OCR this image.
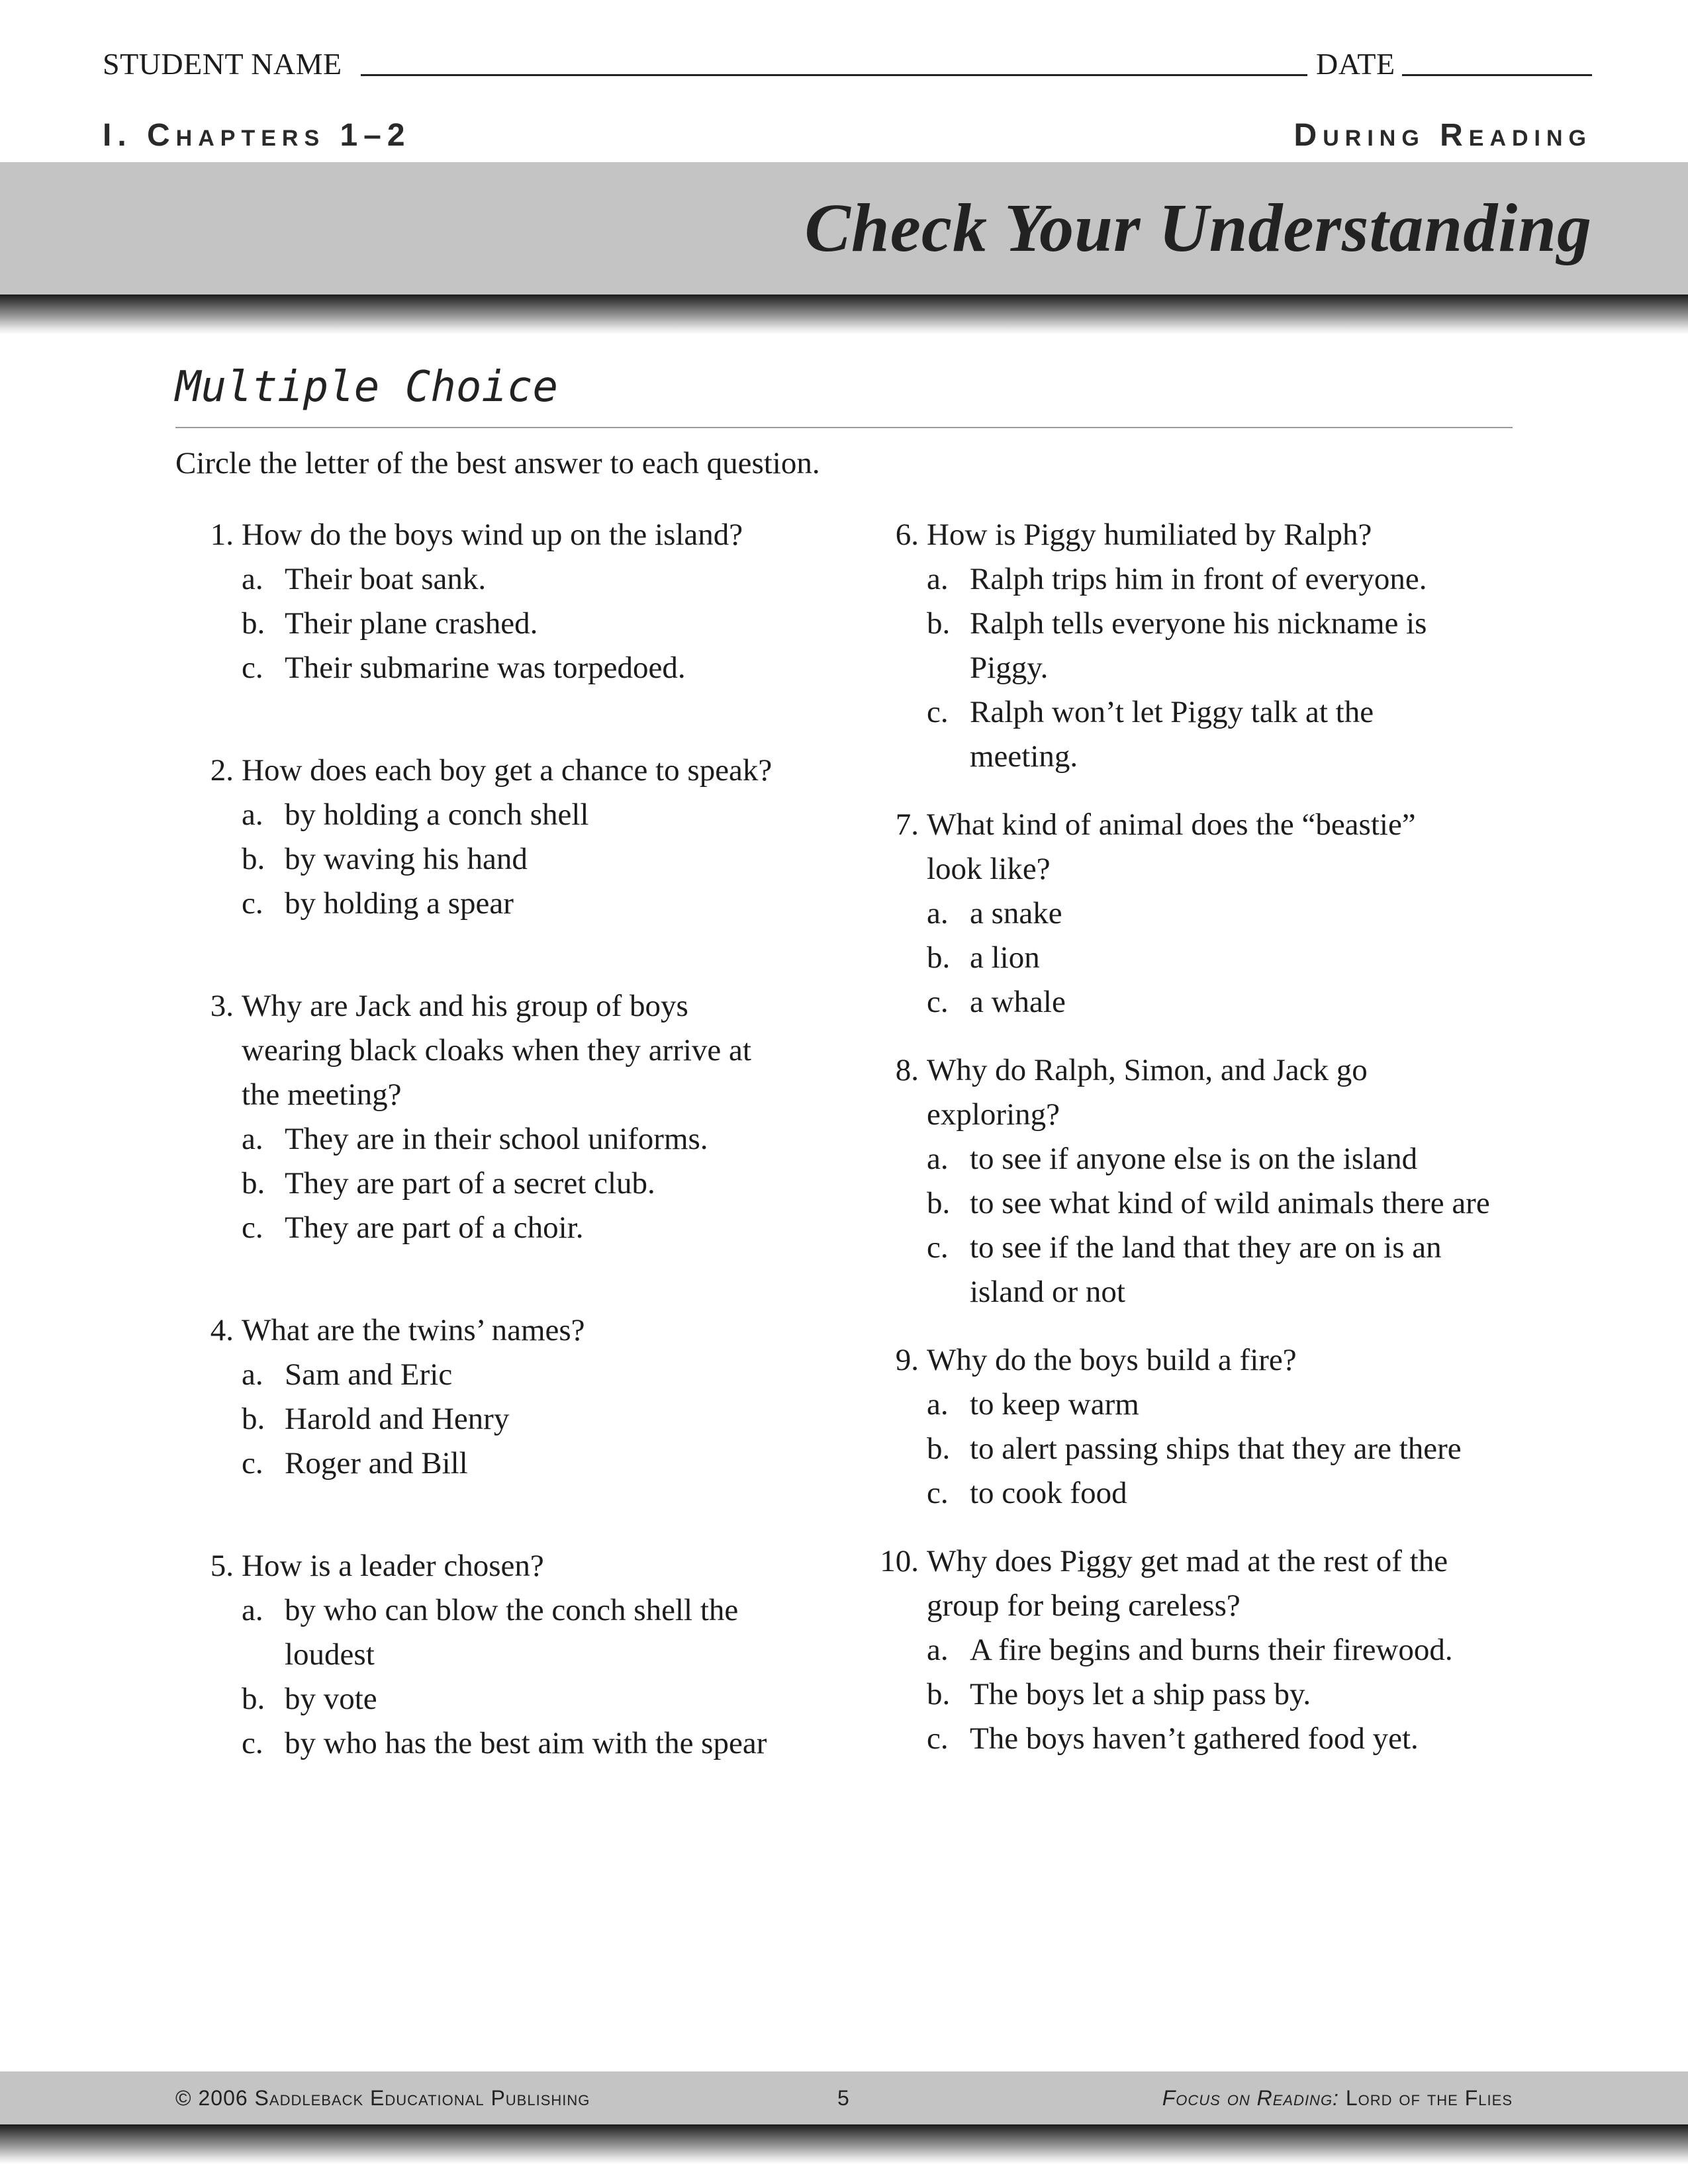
STUDENT NAME	DATE
I. Chapters 1–2	During Reading
Check Your Understanding
Multiple Choice
Circle the letter of the best answer to each question.
1. How do the boys wind up on the island?
a. Their boat sank.
b. Their plane crashed.
c. Their submarine was torpedoed.
2. How does each boy get a chance to speak?
a. by holding a conch shell
b. by waving his hand
c. by holding a spear
3. Why are Jack and his group of boys wearing black cloaks when they arrive at the meeting?
a. They are in their school uniforms.
b. They are part of a secret club.
c. They are part of a choir.
4. What are the twins’ names?
a. Sam and Eric
b. Harold and Henry
c. Roger and Bill
5. How is a leader chosen?
a. by who can blow the conch shell the loudest
b. by vote
c. by who has the best aim with the spear
6. How is Piggy humiliated by Ralph?
a. Ralph trips him in front of everyone.
b. Ralph tells everyone his nickname is Piggy.
c. Ralph won’t let Piggy talk at the meeting.
7. What kind of animal does the “beastie” look like?
a. a snake
b. a lion
c. a whale
8. Why do Ralph, Simon, and Jack go exploring?
a. to see if anyone else is on the island
b. to see what kind of wild animals there are
c. to see if the land that they are on is an island or not
9. Why do the boys build a fire?
a. to keep warm
b. to alert passing ships that they are there
c. to cook food
10. Why does Piggy get mad at the rest of the group for being careless?
a. A fire begins and burns their firewood.
b. The boys let a ship pass by.
c. The boys haven’t gathered food yet.
© 2006 Saddleback Educational Publishing	5	Focus on Reading: Lord of the Flies
